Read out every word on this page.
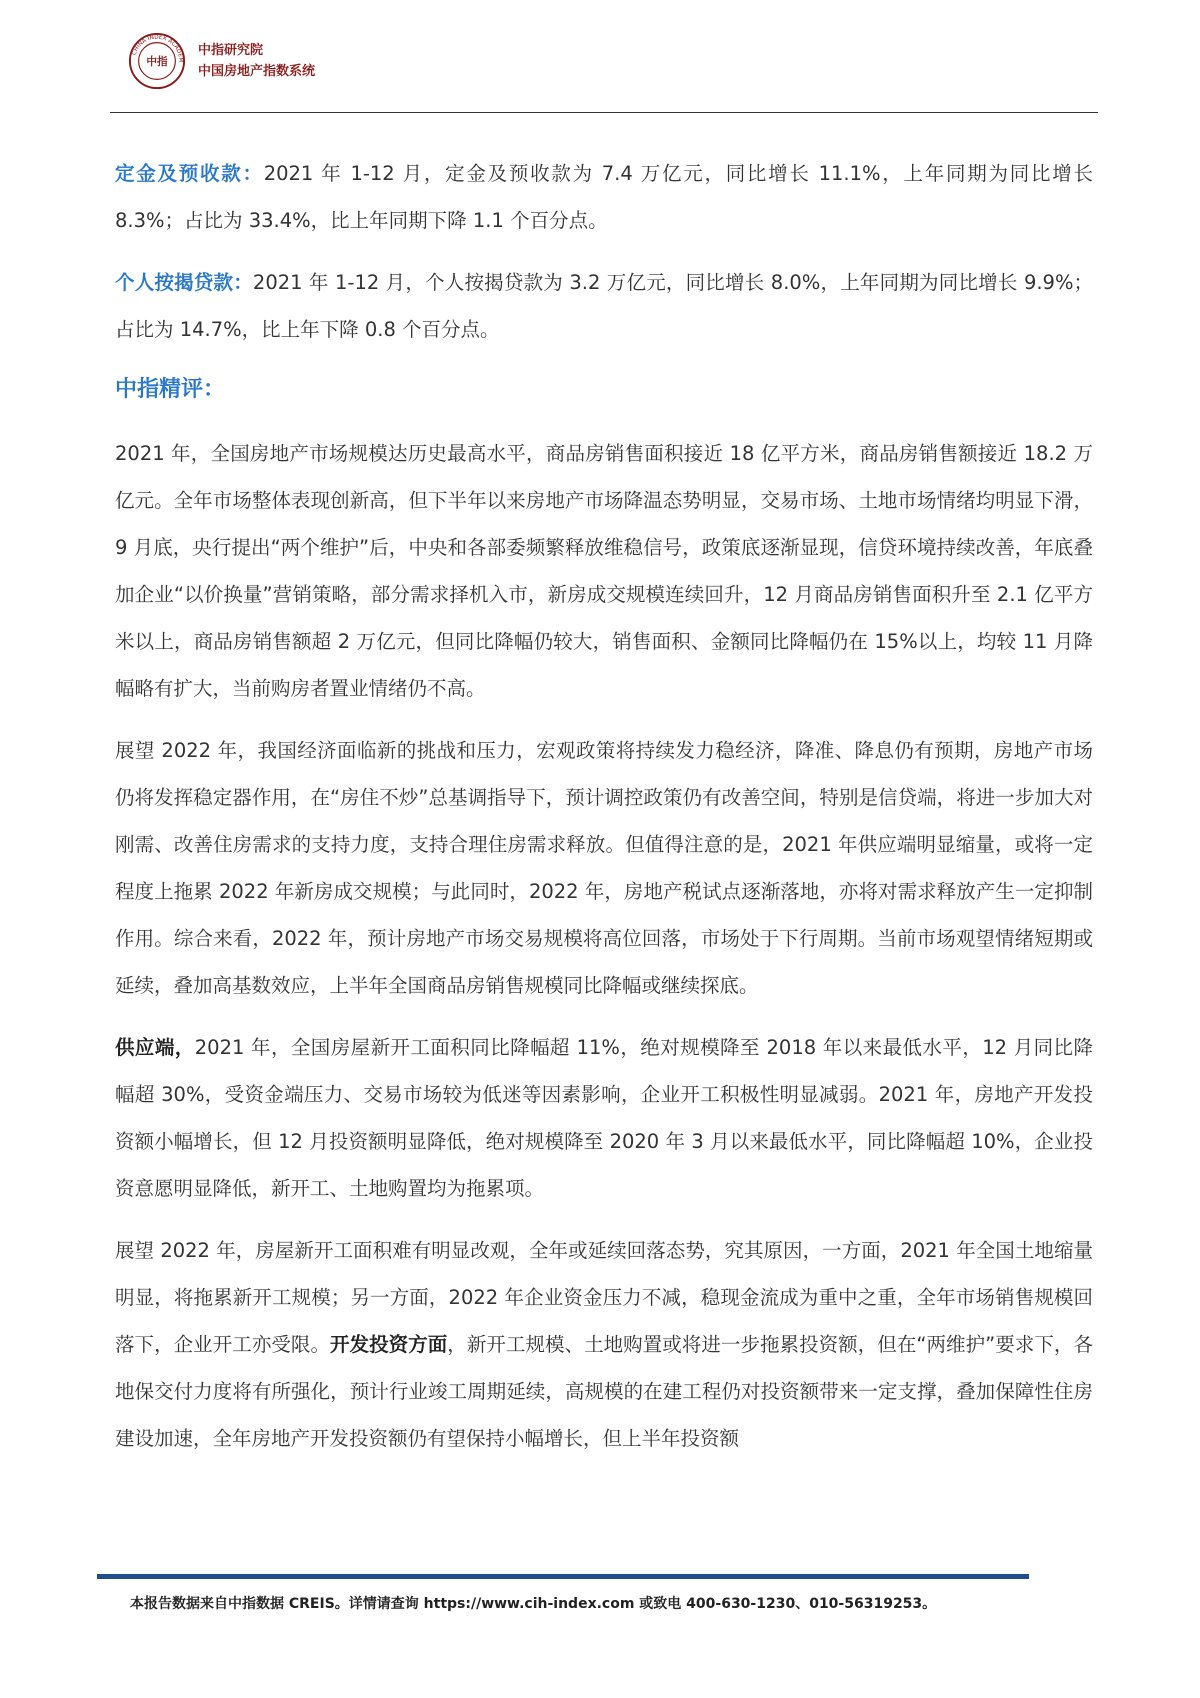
CHINA INDEX ACADEM
中指
中指研究院
中国房地产指数系统

定金及预收款：2021 年 1-12 月，定金及预收款为 7.4 万亿元，同比增长 11.1%，上年同期为同比增长 8.3%；占比为 33.4%，比上年同期下降 1.1 个百分点。

个人按揭贷款：2021 年 1-12 月，个人按揭贷款为 3.2 万亿元，同比增长 8.0%，上年同期为同比增长 9.9%；占比为 14.7%，比上年下降 0.8 个百分点。

中指精评：

2021 年，全国房地产市场规模达历史最高水平，商品房销售面积接近 18 亿平方米，商品房销售额接近 18.2 万亿元。全年市场整体表现创新高，但下半年以来房地产市场降温态势明显，交易市场、土地市场情绪均明显下滑，9 月底，央行提出“两个维护”后，中央和各部委频繁释放维稳信号，政策底逐渐显现，信贷环境持续改善，年底叠加企业“以价换量”营销策略，部分需求择机入市，新房成交规模连续回升，12 月商品房销售面积升至 2.1 亿平方米以上，商品房销售额超 2 万亿元，但同比降幅仍较大，销售面积、金额同比降幅仍在 15%以上，均较 11 月降幅略有扩大，当前购房者置业情绪仍不高。

展望 2022 年，我国经济面临新的挑战和压力，宏观政策将持续发力稳经济，降准、降息仍有预期，房地产市场仍将发挥稳定器作用，在“房住不炒”总基调指导下，预计调控政策仍有改善空间，特别是信贷端，将进一步加大对刚需、改善住房需求的支持力度，支持合理住房需求释放。但值得注意的是，2021 年供应端明显缩量，或将一定程度上拖累 2022 年新房成交规模；与此同时，2022 年，房地产税试点逐渐落地，亦将对需求释放产生一定抑制作用。综合来看，2022 年，预计房地产市场交易规模将高位回落，市场处于下行周期。当前市场观望情绪短期或延续，叠加高基数效应，上半年全国商品房销售规模同比降幅或继续探底。

供应端，2021 年，全国房屋新开工面积同比降幅超 11%，绝对规模降至 2018 年以来最低水平，12 月同比降幅超 30%，受资金端压力、交易市场较为低迷等因素影响，企业开工积极性明显减弱。2021 年，房地产开发投资额小幅增长，但 12 月投资额明显降低，绝对规模降至 2020 年 3 月以来最低水平，同比降幅超 10%，企业投资意愿明显降低，新开工、土地购置均为拖累项。

展望 2022 年，房屋新开工面积难有明显改观，全年或延续回落态势，究其原因，一方面，2021 年全国土地缩量明显，将拖累新开工规模；另一方面，2022 年企业资金压力不减，稳现金流成为重中之重，全年市场销售规模回落下，企业开工亦受限。开发投资方面，新开工规模、土地购置或将进一步拖累投资额，但在“两维护”要求下，各地保交付力度将有所强化，预计行业竣工周期延续，高规模的在建工程仍对投资额带来一定支撑，叠加保障性住房建设加速，全年房地产开发投资额仍有望保持小幅增长，但上半年投资额

本报告数据来自中指数据 CREIS。详情请查询 https://www.cih-index.com 或致电 400-630-1230、010-56319253。
